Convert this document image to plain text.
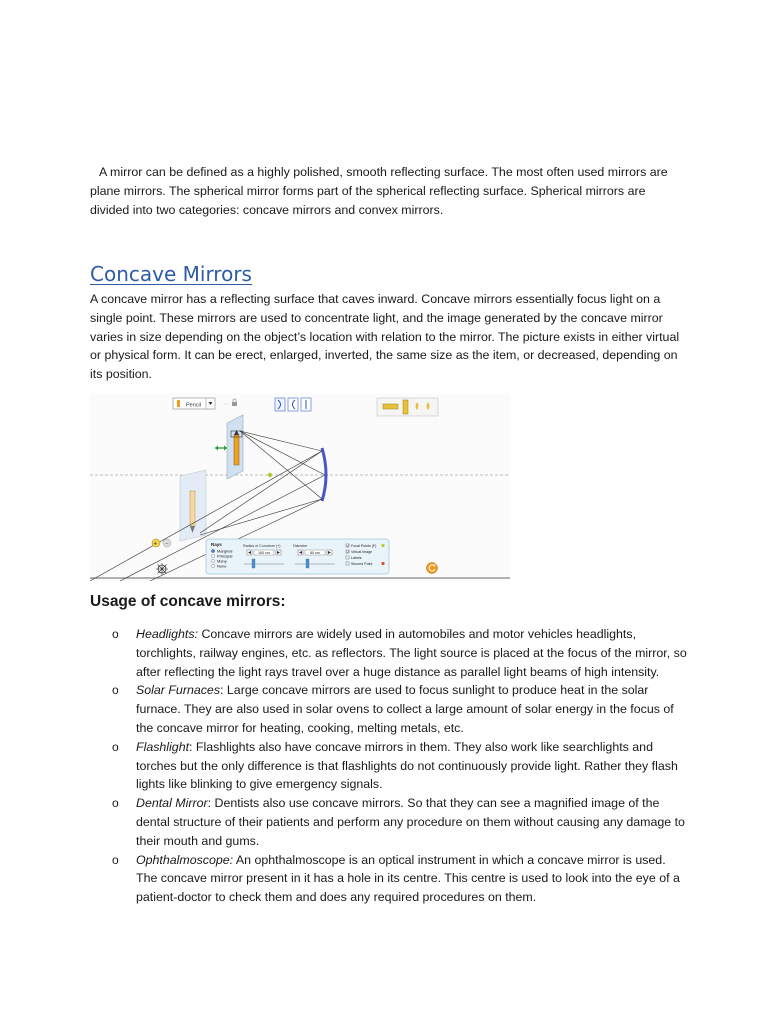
A mirror can be defined as a highly polished, smooth reflecting surface. The most often used mirrors are plane mirrors. The spherical mirror forms part of the spherical reflecting surface. Spherical mirrors are divided into two categories: concave mirrors and convex mirrors.

Concave Mirrors

A concave mirror has a reflecting surface that caves inward. Concave mirrors essentially focus light on a single point. These mirrors are used to concentrate light, and the image generated by the concave mirror varies in size depending on the object’s location with relation to the mirror. The picture exists in either virtual or physical form. It can be erect, enlarged, inverted, the same size as the item, or decreased, depending on its position.

Pencil
+ −	Rays
Marginal
Principal
Many
None
Radius of Curvature (+)
160 cm
Diameter
80 cm
Focal Points (F)
Virtual Image
Labels
Second Point
Usage of concave mirrors:
o Headlights: Concave mirrors are widely used in automobiles and motor vehicles headlights, torchlights, railway engines, etc. as reflectors. The light source is placed at the focus of the mirror, so after reflecting the light rays travel over a huge distance as parallel light beams of high intensity.
o Solar Furnaces: Large concave mirrors are used to focus sunlight to produce heat in the solar furnace. They are also used in solar ovens to collect a large amount of solar energy in the focus of the concave mirror for heating, cooking, melting metals, etc.
o Flashlight: Flashlights also have concave mirrors in them. They also work like searchlights and torches but the only difference is that flashlights do not continuously provide light. Rather they flash lights like blinking to give emergency signals.
o Dental Mirror: Dentists also use concave mirrors. So that they can see a magnified image of the dental structure of their patients and perform any procedure on them without causing any damage to their mouth and gums.
o Ophthalmoscope: An ophthalmoscope is an optical instrument in which a concave mirror is used. The concave mirror present in it has a hole in its centre. This centre is used to look into the eye of a patient-doctor to check them and does any required procedures on them.
